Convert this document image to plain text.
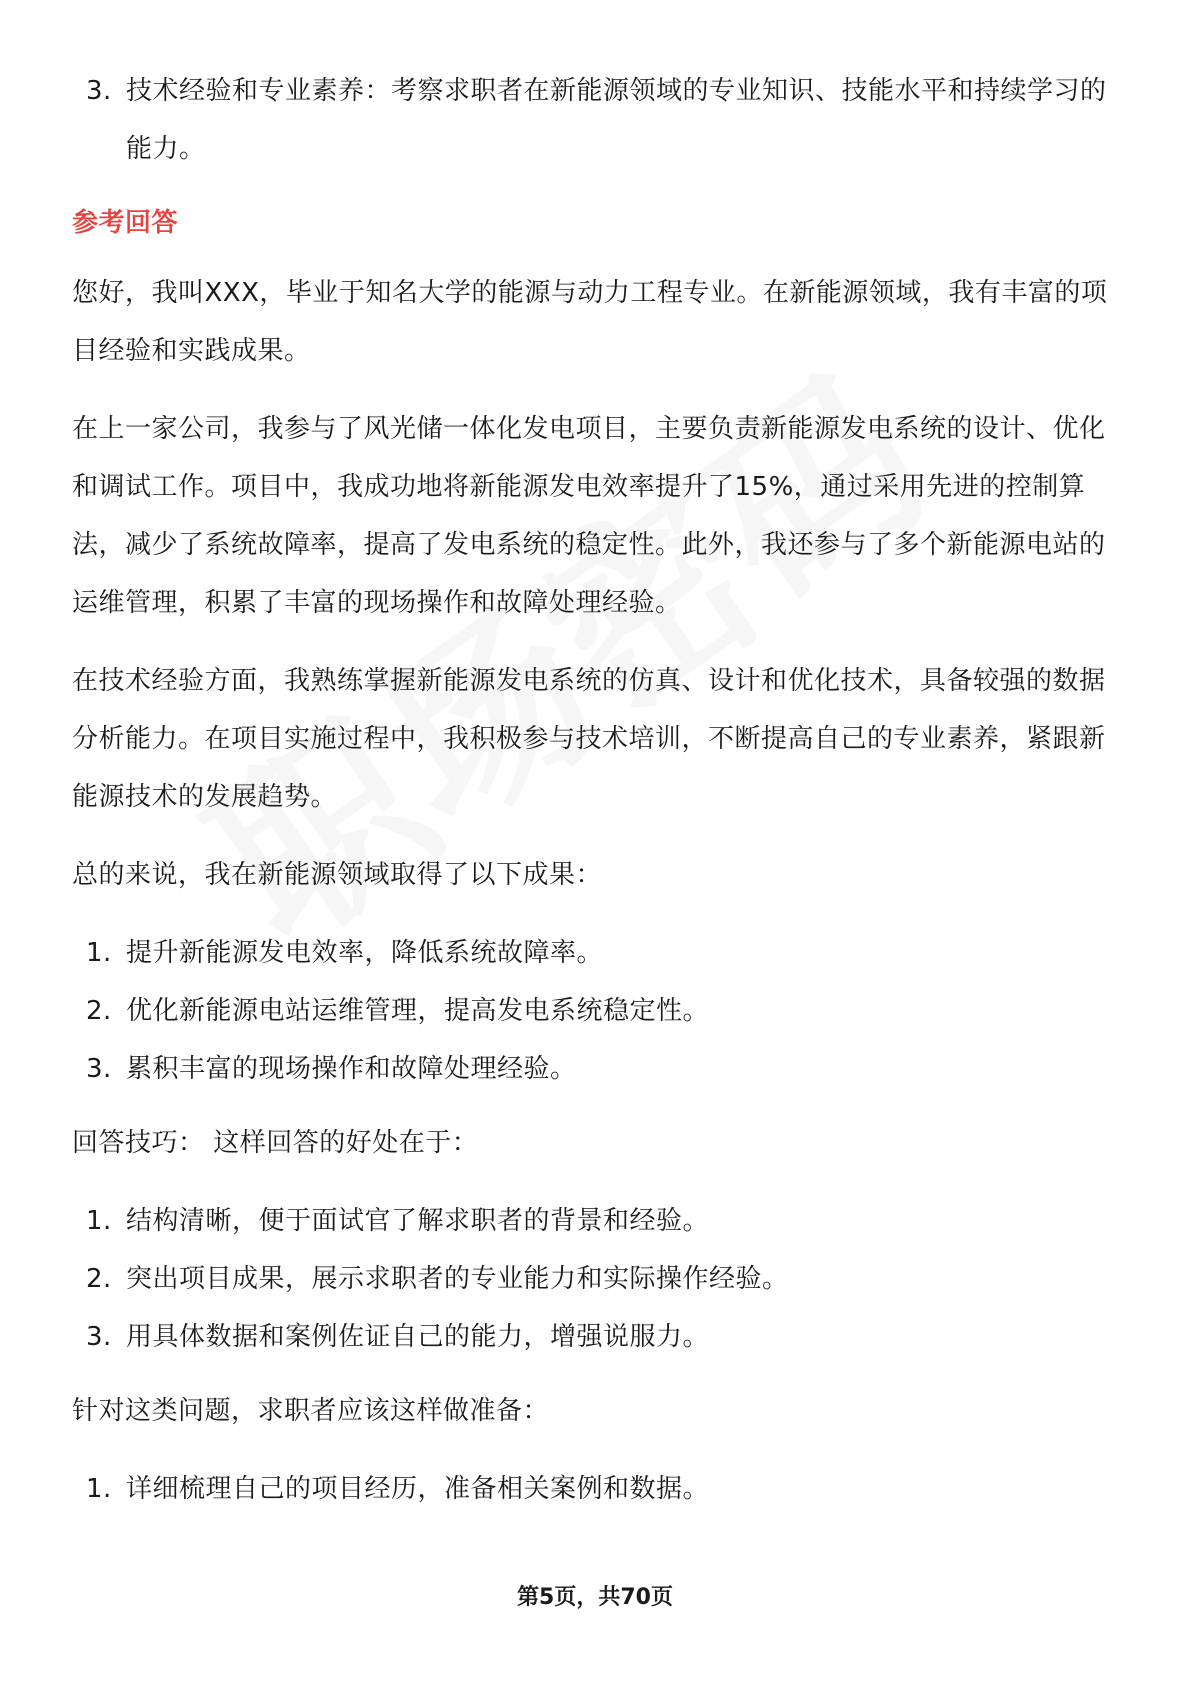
3. 技术经验和专业素养：考察求职者在新能源领域的专业知识、技能水平和持续学习的能力。
参考回答

您好，我叫XXX，毕业于知名大学的能源与动力工程专业。在新能源领域，我有丰富的项目经验和实践成果。

在上一家公司，我参与了风光储一体化发电项目，主要负责新能源发电系统的设计、优化和调试工作。项目中，我成功地将新能源发电效率提升了15%，通过采用先进的控制算法，减少了系统故障率，提高了发电系统的稳定性。此外，我还参与了多个新能源电站的运维管理，积累了丰富的现场操作和故障处理经验。

在技术经验方面，我熟练掌握新能源发电系统的仿真、设计和优化技术，具备较强的数据分析能力。在项目实施过程中，我积极参与技术培训，不断提高自己的专业素养，紧跟新能源技术的发展趋势。

总的来说，我在新能源领域取得了以下成果：

1. 提升新能源发电效率，降低系统故障率。
2. 优化新能源电站运维管理，提高发电系统稳定性。
3. 累积丰富的现场操作和故障处理经验。

回答技巧： 这样回答的好处在于：

1. 结构清晰，便于面试官了解求职者的背景和经验。
2. 突出项目成果，展示求职者的专业能力和实际操作经验。
3. 用具体数据和案例佐证自己的能力，增强说服力。

针对这类问题，求职者应该这样做准备：

1. 详细梳理自己的项目经历，准备相关案例和数据。
第5页，共70页
